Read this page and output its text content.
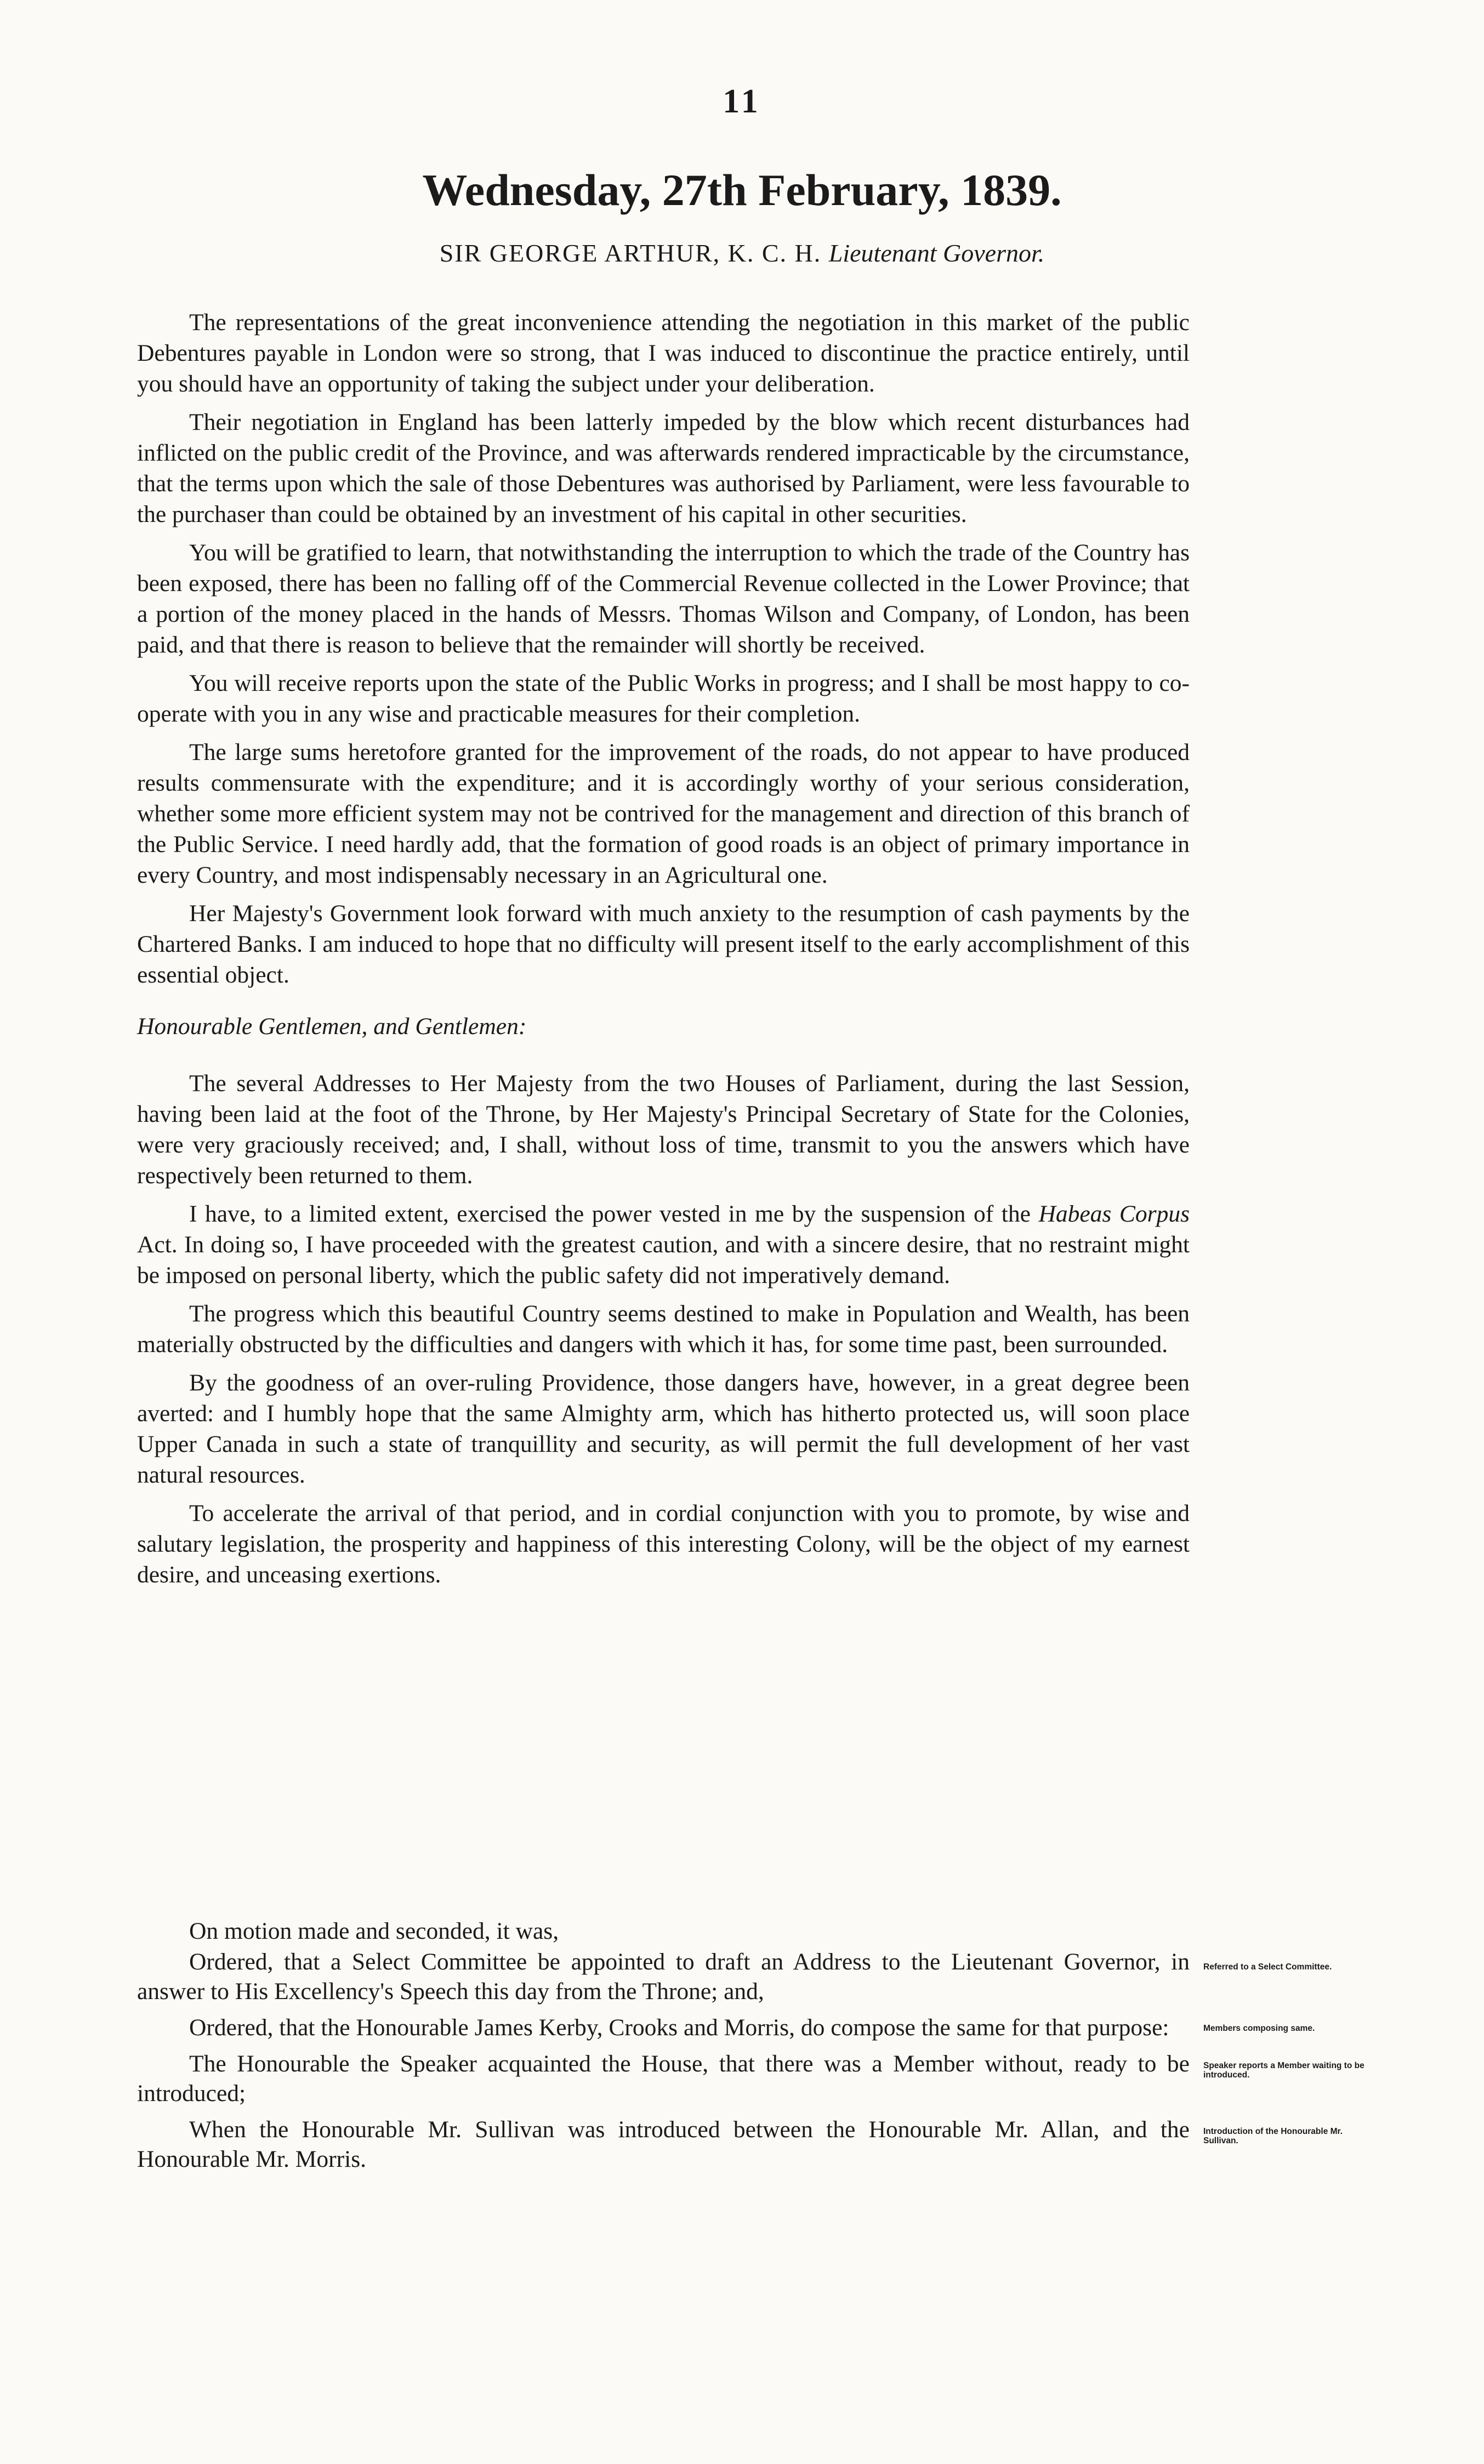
11
Wednesday, 27th February, 1839.
SIR GEORGE ARTHUR, K. C. H. Lieutenant Governor.

The representations of the great inconvenience attending the negotiation in this market of the public Debentures payable in London were so strong, that I was induced to discontinue the practice entirely, until you should have an opportunity of taking the subject under your deliberation.

Their negotiation in England has been latterly impeded by the blow which recent disturbances had inflicted on the public credit of the Province, and was afterwards rendered impracticable by the circumstance, that the terms upon which the sale of those Debentures was authorised by Parliament, were less favourable to the purchaser than could be obtained by an investment of his capital in other securities.

You will be gratified to learn, that notwithstanding the interruption to which the trade of the Country has been exposed, there has been no falling off of the Commercial Revenue collected in the Lower Province; that a portion of the money placed in the hands of Messrs. Thomas Wilson and Company, of London, has been paid, and that there is reason to believe that the remainder will shortly be received.

You will receive reports upon the state of the Public Works in progress; and I shall be most happy to co-operate with you in any wise and practicable measures for their completion.

The large sums heretofore granted for the improvement of the roads, do not appear to have produced results commensurate with the expenditure; and it is accordingly worthy of your serious consideration, whether some more efficient system may not be contrived for the management and direction of this branch of the Public Service. I need hardly add, that the formation of good roads is an object of primary importance in every Country, and most indispensably necessary in an Agricultural one.

Her Majesty's Government look forward with much anxiety to the resumption of cash payments by the Chartered Banks. I am induced to hope that no difficulty will present itself to the early accomplishment of this essential object.

Honourable Gentlemen, and Gentlemen:

The several Addresses to Her Majesty from the two Houses of Parliament, during the last Session, having been laid at the foot of the Throne, by Her Majesty's Principal Secretary of State for the Colonies, were very graciously received; and, I shall, without loss of time, transmit to you the answers which have respectively been returned to them.

I have, to a limited extent, exercised the power vested in me by the suspension of the Habeas Corpus Act. In doing so, I have proceeded with the greatest caution, and with a sincere desire, that no restraint might be imposed on personal liberty, which the public safety did not imperatively demand.

The progress which this beautiful Country seems destined to make in Population and Wealth, has been materially obstructed by the difficulties and dangers with which it has, for some time past, been surrounded.

By the goodness of an over-ruling Providence, those dangers have, however, in a great degree been averted: and I humbly hope that the same Almighty arm, which has hitherto protected us, will soon place Upper Canada in such a state of tranquillity and security, as will permit the full development of her vast natural resources.

To accelerate the arrival of that period, and in cordial conjunction with you to promote, by wise and salutary legislation, the prosperity and happiness of this interesting Colony, will be the object of my earnest desire, and unceasing exertions.

On motion made and seconded, it was,

Ordered, that a Select Committee be appointed to draft an Address to the Lieutenant Governor, in answer to His Excellency's Speech this day from the Throne; and,
Referred to a Select Committee.

Ordered, that the Honourable James Kerby, Crooks and Morris, do compose the same for that purpose:	Members composing same.

The Honourable the Speaker acquainted the House, that there was a Member without, ready to be introduced;
Speaker reports a Member waiting to be introduced.

When the Honourable Mr. Sullivan was introduced between the Honourable Mr. Allan, and the Honourable Mr. Morris.
Introduction of the Honourable Mr. Sullivan.
